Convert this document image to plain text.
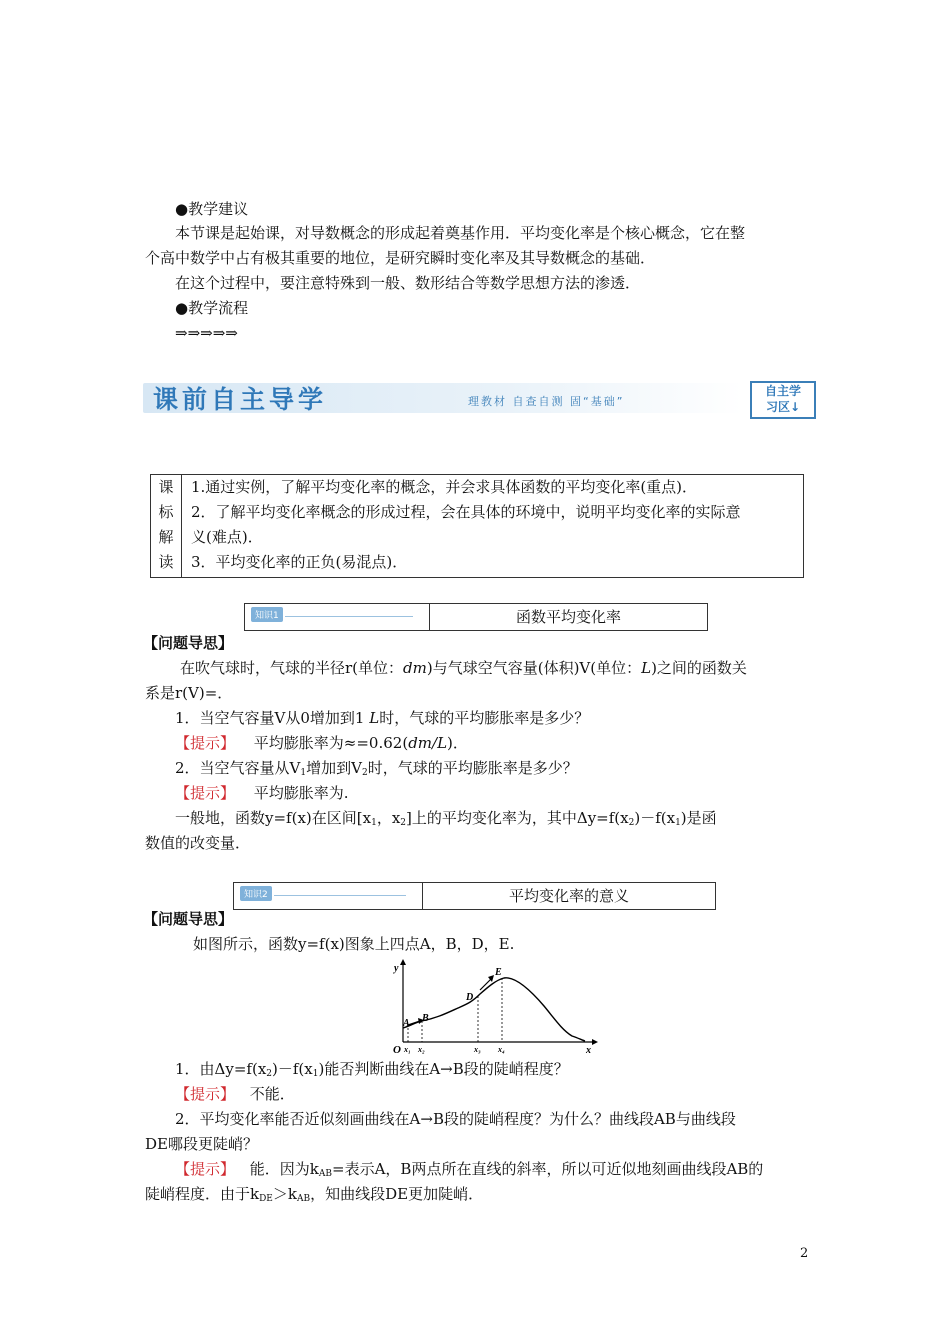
●教学建议
本节课是起始课，对导数概念的形成起着奠基作用．平均变化率是个核心概念，它在整
个高中数学中占有极其重要的地位，是研究瞬时变化率及其导数概念的基础．
在这个过程中，要注意特殊到一般、数形结合等数学思想方法的渗透．
●教学流程
⇒⇒⇒⇒⇒
课前自主导学	理教材 自查自测 固“基础”
自主学
习区↓
课
标
解
读
1.通过实例，了解平均变化率的概念，并会求具体函数的平均变化率(重点)．
2．了解平均变化率概念的形成过程，会在具体的环境中，说明平均变化率的实际意
义(难点)．
3．平均变化率的正负(易混点)．
知识1	函数平均变化率
【问题导思】
在吹气球时，气球的半径r(单位：dm)与气球空气容量(体积)V(单位：L)之间的函数关
系是r(V)=．
1．当空气容量V从0增加到1 L时，气球的平均膨胀率是多少？
【提示】 平均膨胀率为≈=0.62(dm/L)．
2．当空气容量从$V_1$增加到$V_2$时，气球的平均膨胀率是多少？
【提示】 平均膨胀率为.
一般地，函数y=f(x)在区间[$x_1$，$x_2$]上的平均变化率为，其中$\Delta y=f(x_2)-f(x_1)$是函
数值的改变量．
知识2	平均变化率的意义
【问题导思】
如图所示，函数y=f(x)图象上四点A，B，D，E.
y
x
O
A B
D
E
x₁ x₂	x₃ x₄
1．由$\Delta y=f(x_2)-f(x_1)$能否判断曲线在A→B段的陡峭程度？
【提示】 不能．
2．平均变化率能否近似刻画曲线在A→B段的陡峭程度？为什么？曲线段AB与曲线段
DE哪段更陡峭？
【提示】 能．因为$k_{AB}=$表示A，B两点所在直线的斜率，所以可近似地刻画曲线段AB的
陡峭程度．由于$k_{DE}>k_{AB}$，知曲线段DE更加陡峭．
2
